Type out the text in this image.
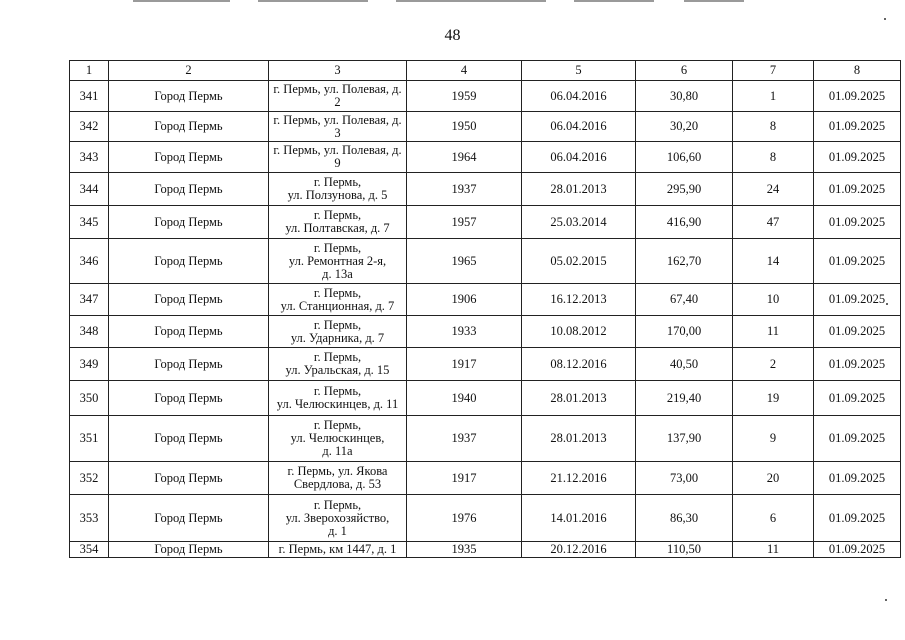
48
1	2	3	4	5	6	7	8
341	Город Пермь	г. Пермь, ул. Полевая, д. 2	1959	06.04.2016	30,80	1	01.09.2025
342	Город Пермь	г. Пермь, ул. Полевая, д. 3	1950	06.04.2016	30,20	8	01.09.2025
343	Город Пермь	г. Пермь, ул. Полевая, д. 9	1964	06.04.2016	106,60	8	01.09.2025
344	Город Пермь	г. Пермь,
ул. Ползунова, д. 5	1937	28.01.2013	295,90	24	01.09.2025
345	Город Пермь	г. Пермь,
ул. Полтавская, д. 7	1957	25.03.2014	416,90	47	01.09.2025
346	Город Пермь	г. Пермь,
ул. Ремонтная 2-я,
д. 13а	1965	05.02.2015	162,70	14	01.09.2025
347	Город Пермь	г. Пермь,
ул. Станционная, д. 7	1906	16.12.2013	67,40	10	01.09.2025
348	Город Пермь	г. Пермь,
ул. Ударника, д. 7	1933	10.08.2012	170,00	11	01.09.2025
349	Город Пермь	г. Пермь,
ул. Уральская, д. 15	1917	08.12.2016	40,50	2	01.09.2025
350	Город Пермь	г. Пермь,
ул. Челюскинцев, д. 11	1940	28.01.2013	219,40	19	01.09.2025
351	Город Пермь	г. Пермь,
ул. Челюскинцев,
д. 11а	1937	28.01.2013	137,90	9	01.09.2025
352	Город Пермь	г. Пермь, ул. Якова
Свердлова, д. 53	1917	21.12.2016	73,00	20	01.09.2025
353	Город Пермь	г. Пермь,
ул. Зверохозяйство,
д. 1	1976	14.01.2016	86,30	6	01.09.2025
354	Город Пермь	г. Пермь, км 1447, д. 1	1935	20.12.2016	110,50	11	01.09.2025
